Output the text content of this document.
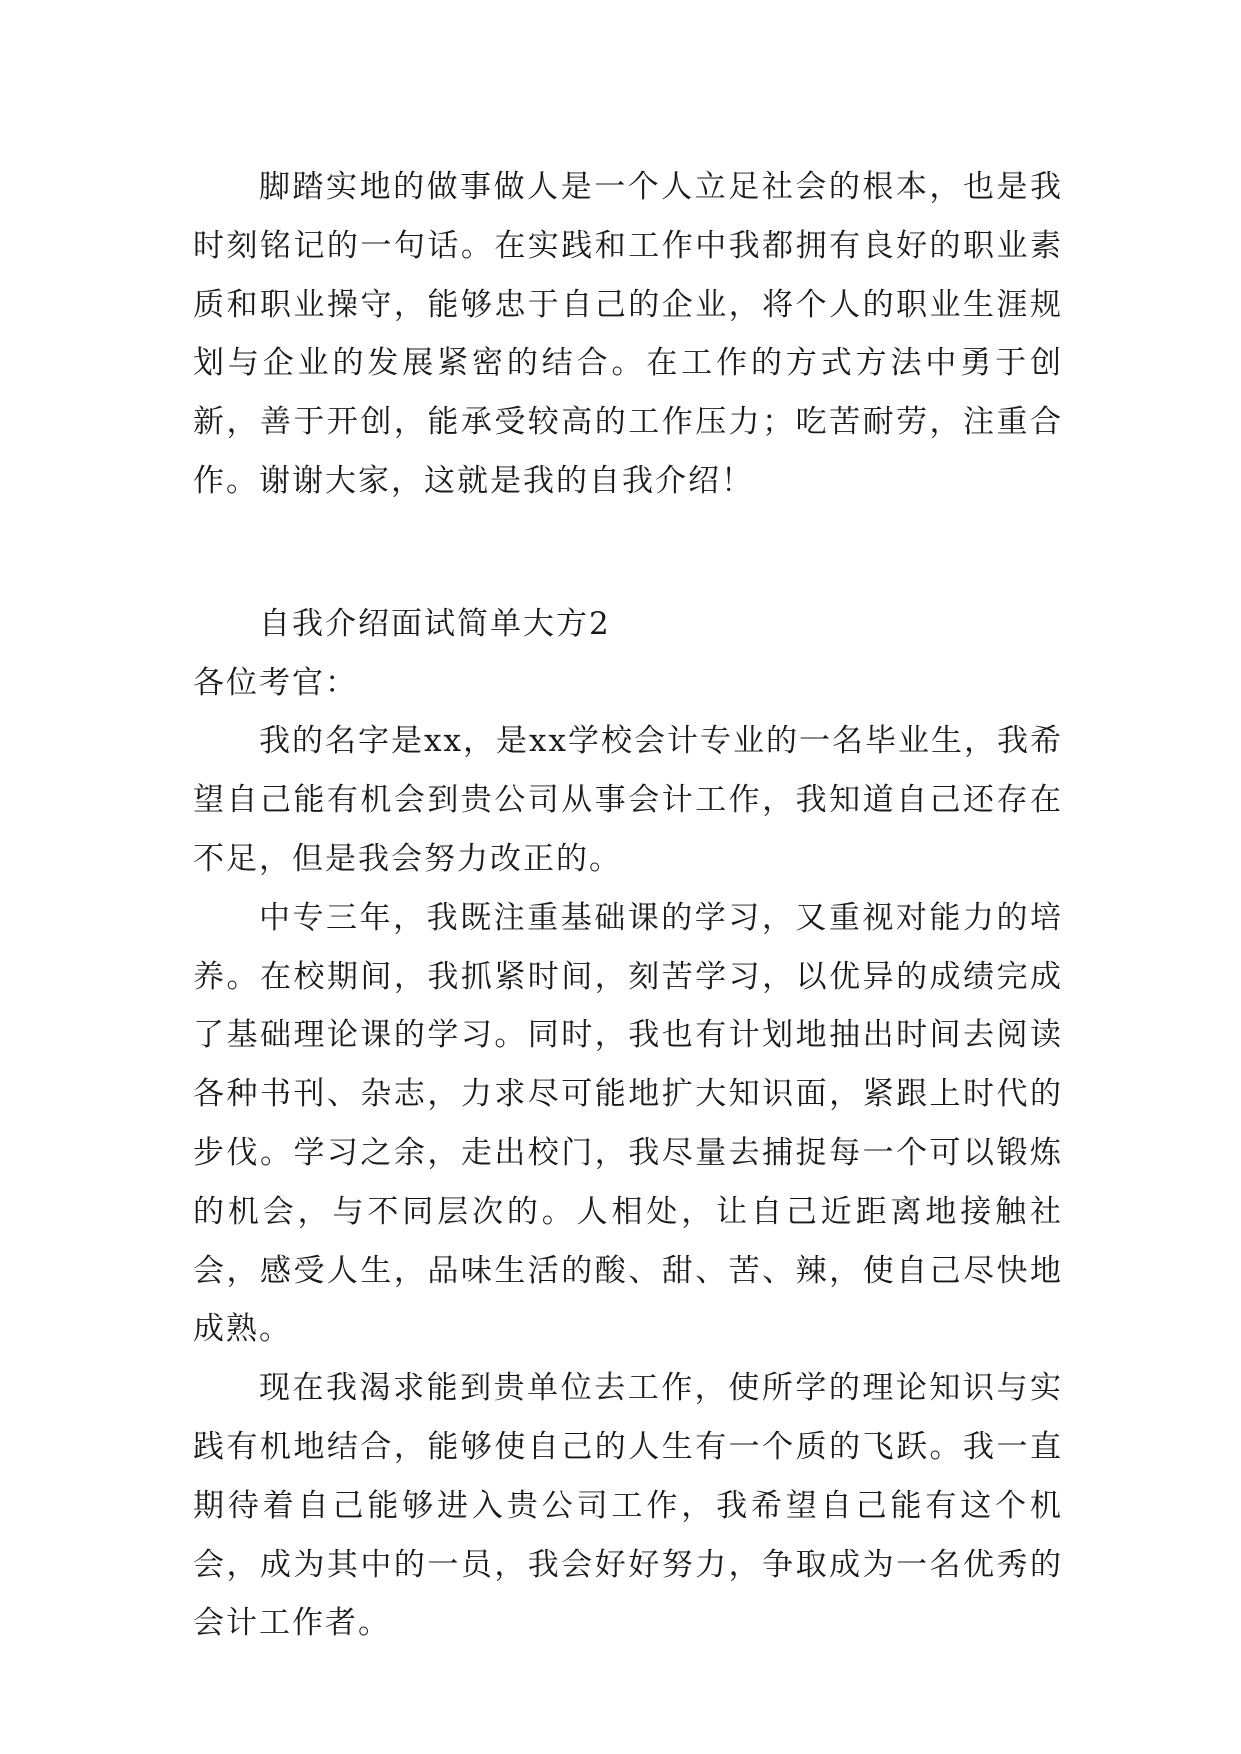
脚踏实地的做事做人是一个人立足社会的根本，也是我时刻铭记的一句话。在实践和工作中我都拥有良好的职业素质和职业操守，能够忠于自己的企业，将个人的职业生涯规划与企业的发展紧密的结合。在工作的方式方法中勇于创新，善于开创，能承受较高的工作压力；吃苦耐劳，注重合作。谢谢大家，这就是我的自我介绍！

自我介绍面试简单大方2

各位考官：

我的名字是xx，是xx学校会计专业的一名毕业生，我希望自己能有机会到贵公司从事会计工作，我知道自己还存在不足，但是我会努力改正的。

中专三年，我既注重基础课的学习，又重视对能力的培养。在校期间，我抓紧时间，刻苦学习，以优异的成绩完成了基础理论课的学习。同时，我也有计划地抽出时间去阅读各种书刊、杂志，力求尽可能地扩大知识面，紧跟上时代的步伐。学习之余，走出校门，我尽量去捕捉每一个可以锻炼的机会，与不同层次的。人相处，让自己近距离地接触社会，感受人生，品味生活的酸、甜、苦、辣，使自己尽快地成熟。

现在我渴求能到贵单位去工作，使所学的理论知识与实践有机地结合，能够使自己的人生有一个质的飞跃。我一直期待着自己能够进入贵公司工作，我希望自己能有这个机会，成为其中的一员，我会好好努力，争取成为一名优秀的会计工作者。
